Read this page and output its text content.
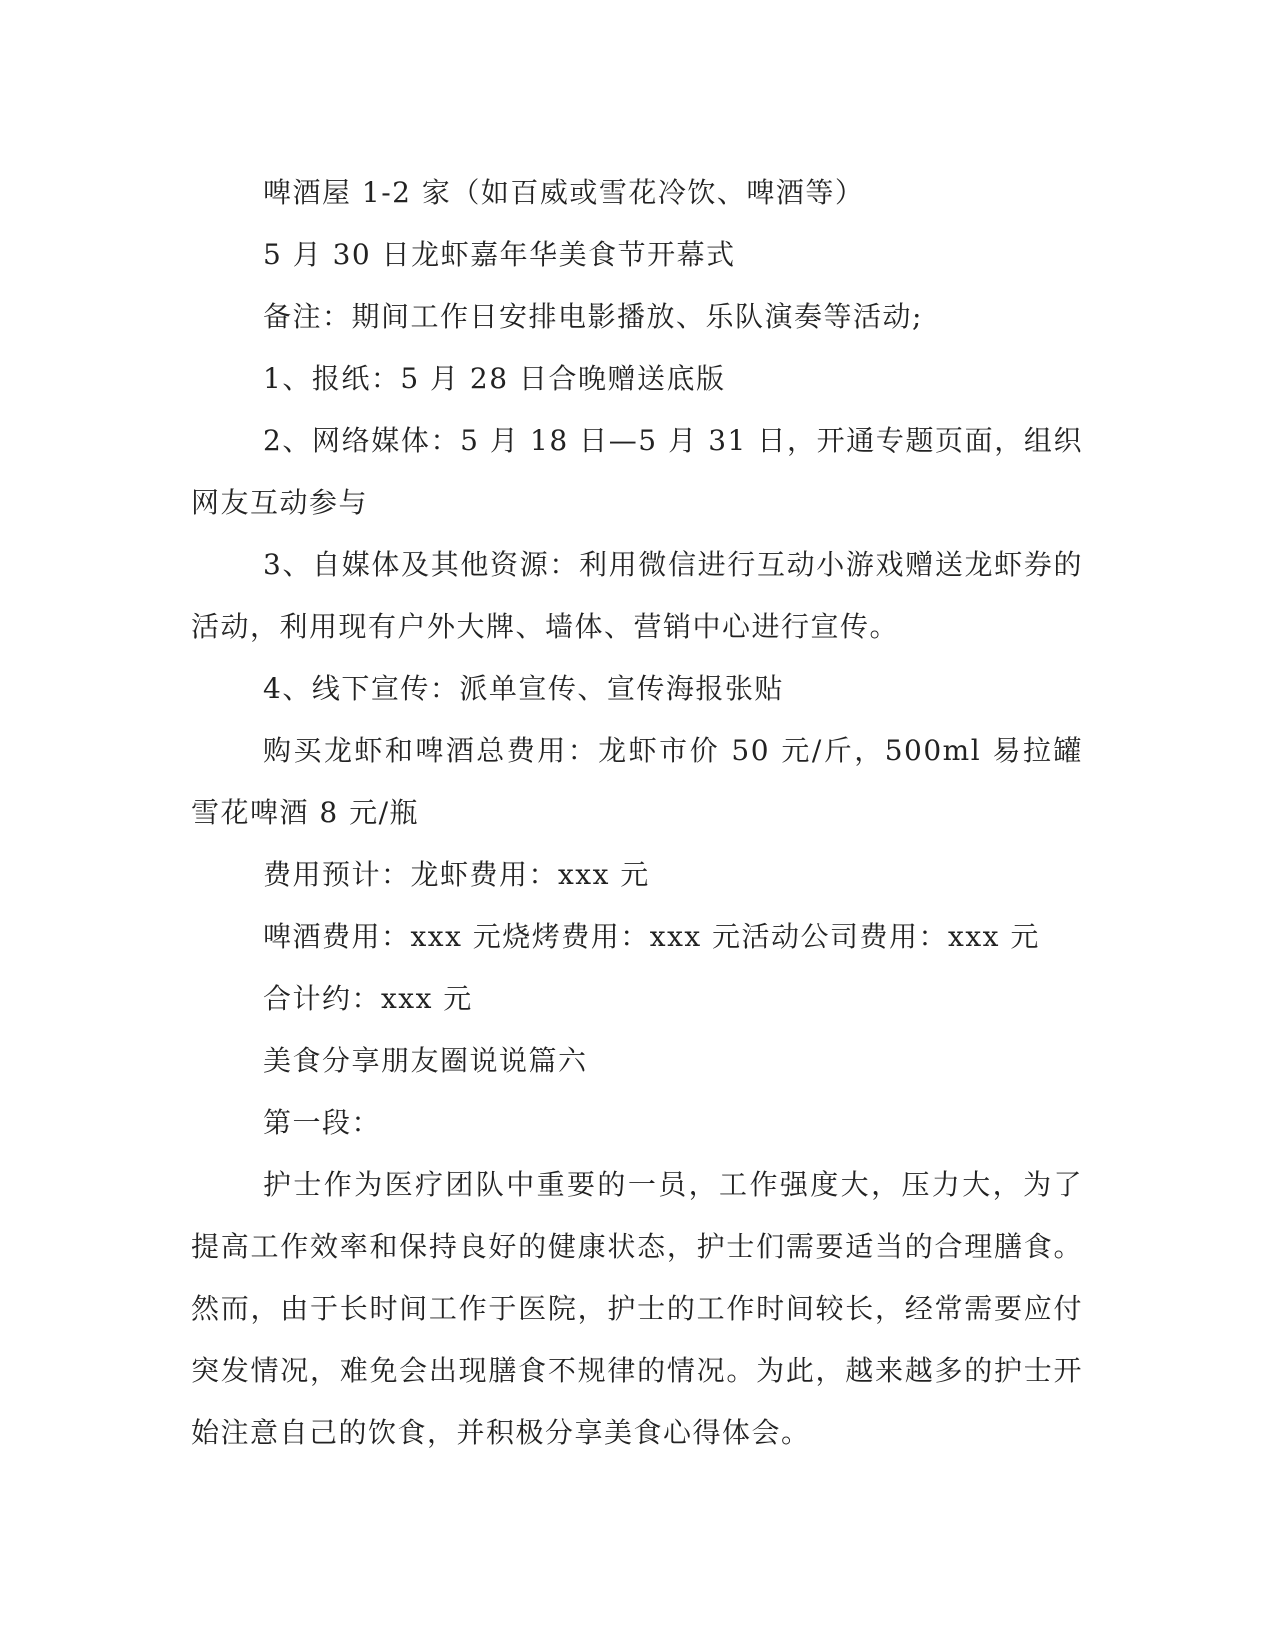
啤酒屋 1-2 家（如百威或雪花冷饮、啤酒等）

5 月 30 日龙虾嘉年华美食节开幕式

备注：期间工作日安排电影播放、乐队演奏等活动;

1、报纸：5 月 28 日合晚赠送底版

2、网络媒体：5 月 18 日—5 月 31 日，开通专题页面，组织网友互动参与

3、自媒体及其他资源：利用微信进行互动小游戏赠送龙虾券的活动，利用现有户外大牌、墙体、营销中心进行宣传。

4、线下宣传：派单宣传、宣传海报张贴

购买龙虾和啤酒总费用：龙虾市价 50 元/斤，500ml 易拉罐雪花啤酒 8 元/瓶

费用预计：龙虾费用：xxx 元

啤酒费用：xxx 元烧烤费用：xxx 元活动公司费用：xxx 元

合计约：xxx 元

美食分享朋友圈说说篇六

第一段：

护士作为医疗团队中重要的一员，工作强度大，压力大，为了提高工作效率和保持良好的健康状态，护士们需要适当的合理膳食。然而，由于长时间工作于医院，护士的工作时间较长，经常需要应付突发情况，难免会出现膳食不规律的情况。为此，越来越多的护士开始注意自己的饮食，并积极分享美食心得体会。
